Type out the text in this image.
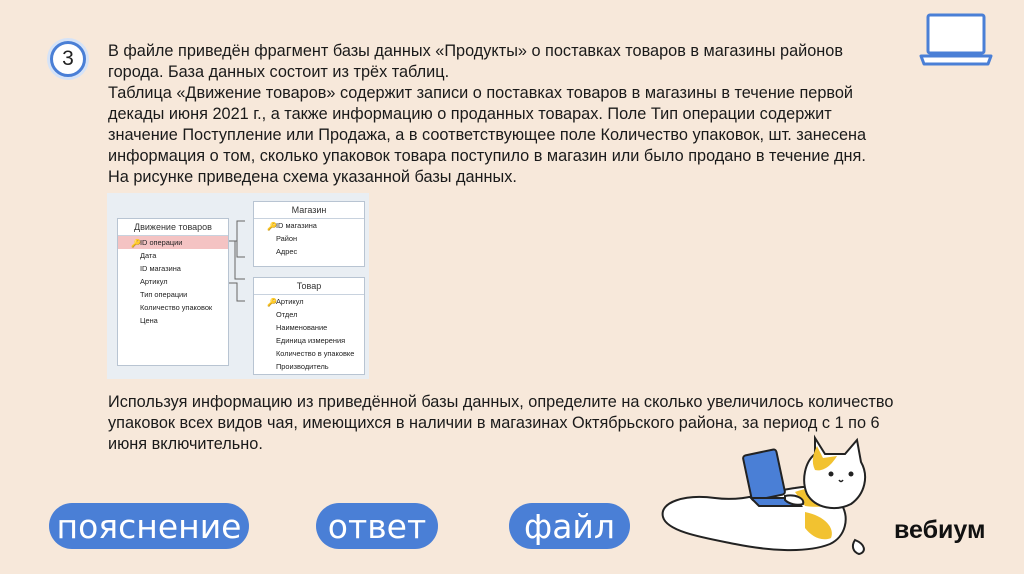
3 В файле приведён фрагмент базы данных «Продукты» о поставках товаров в магазины районов города. База данных состоит из трёх таблиц.

Таблица «Движение товаров» содержит записи о поставках товаров в магазины в течение первой декады июня 2021 г., а также информацию о проданных товарах. Поле Тип операции содержит значение Поступление или Продажа, а в соответствующее поле Количество упаковок, шт. занесена информация о том, сколько упаковок товара поступило в магазин или было продано в течение дня. На рисунке приведена схема указанной базы данных.

Движение товаров
🔑 ID операции
Дата
ID магазина
Артикул
Тип операции
Количество упаковок
Цена
Магазин
🔑 ID магазина
Район
Адрес
Товар
🔑 Артикул
Отдел
Наименование
Единица измерения
Количество в упаковке
Производитель
Используя информацию из приведённой базы данных, определите на сколько увеличилось количество упаковок всех видов чая, имеющихся в наличии в магазинах Октябрьского района, за период с 1 по 6 июня включительно.
пояснение	ответ	файл	вебиум
